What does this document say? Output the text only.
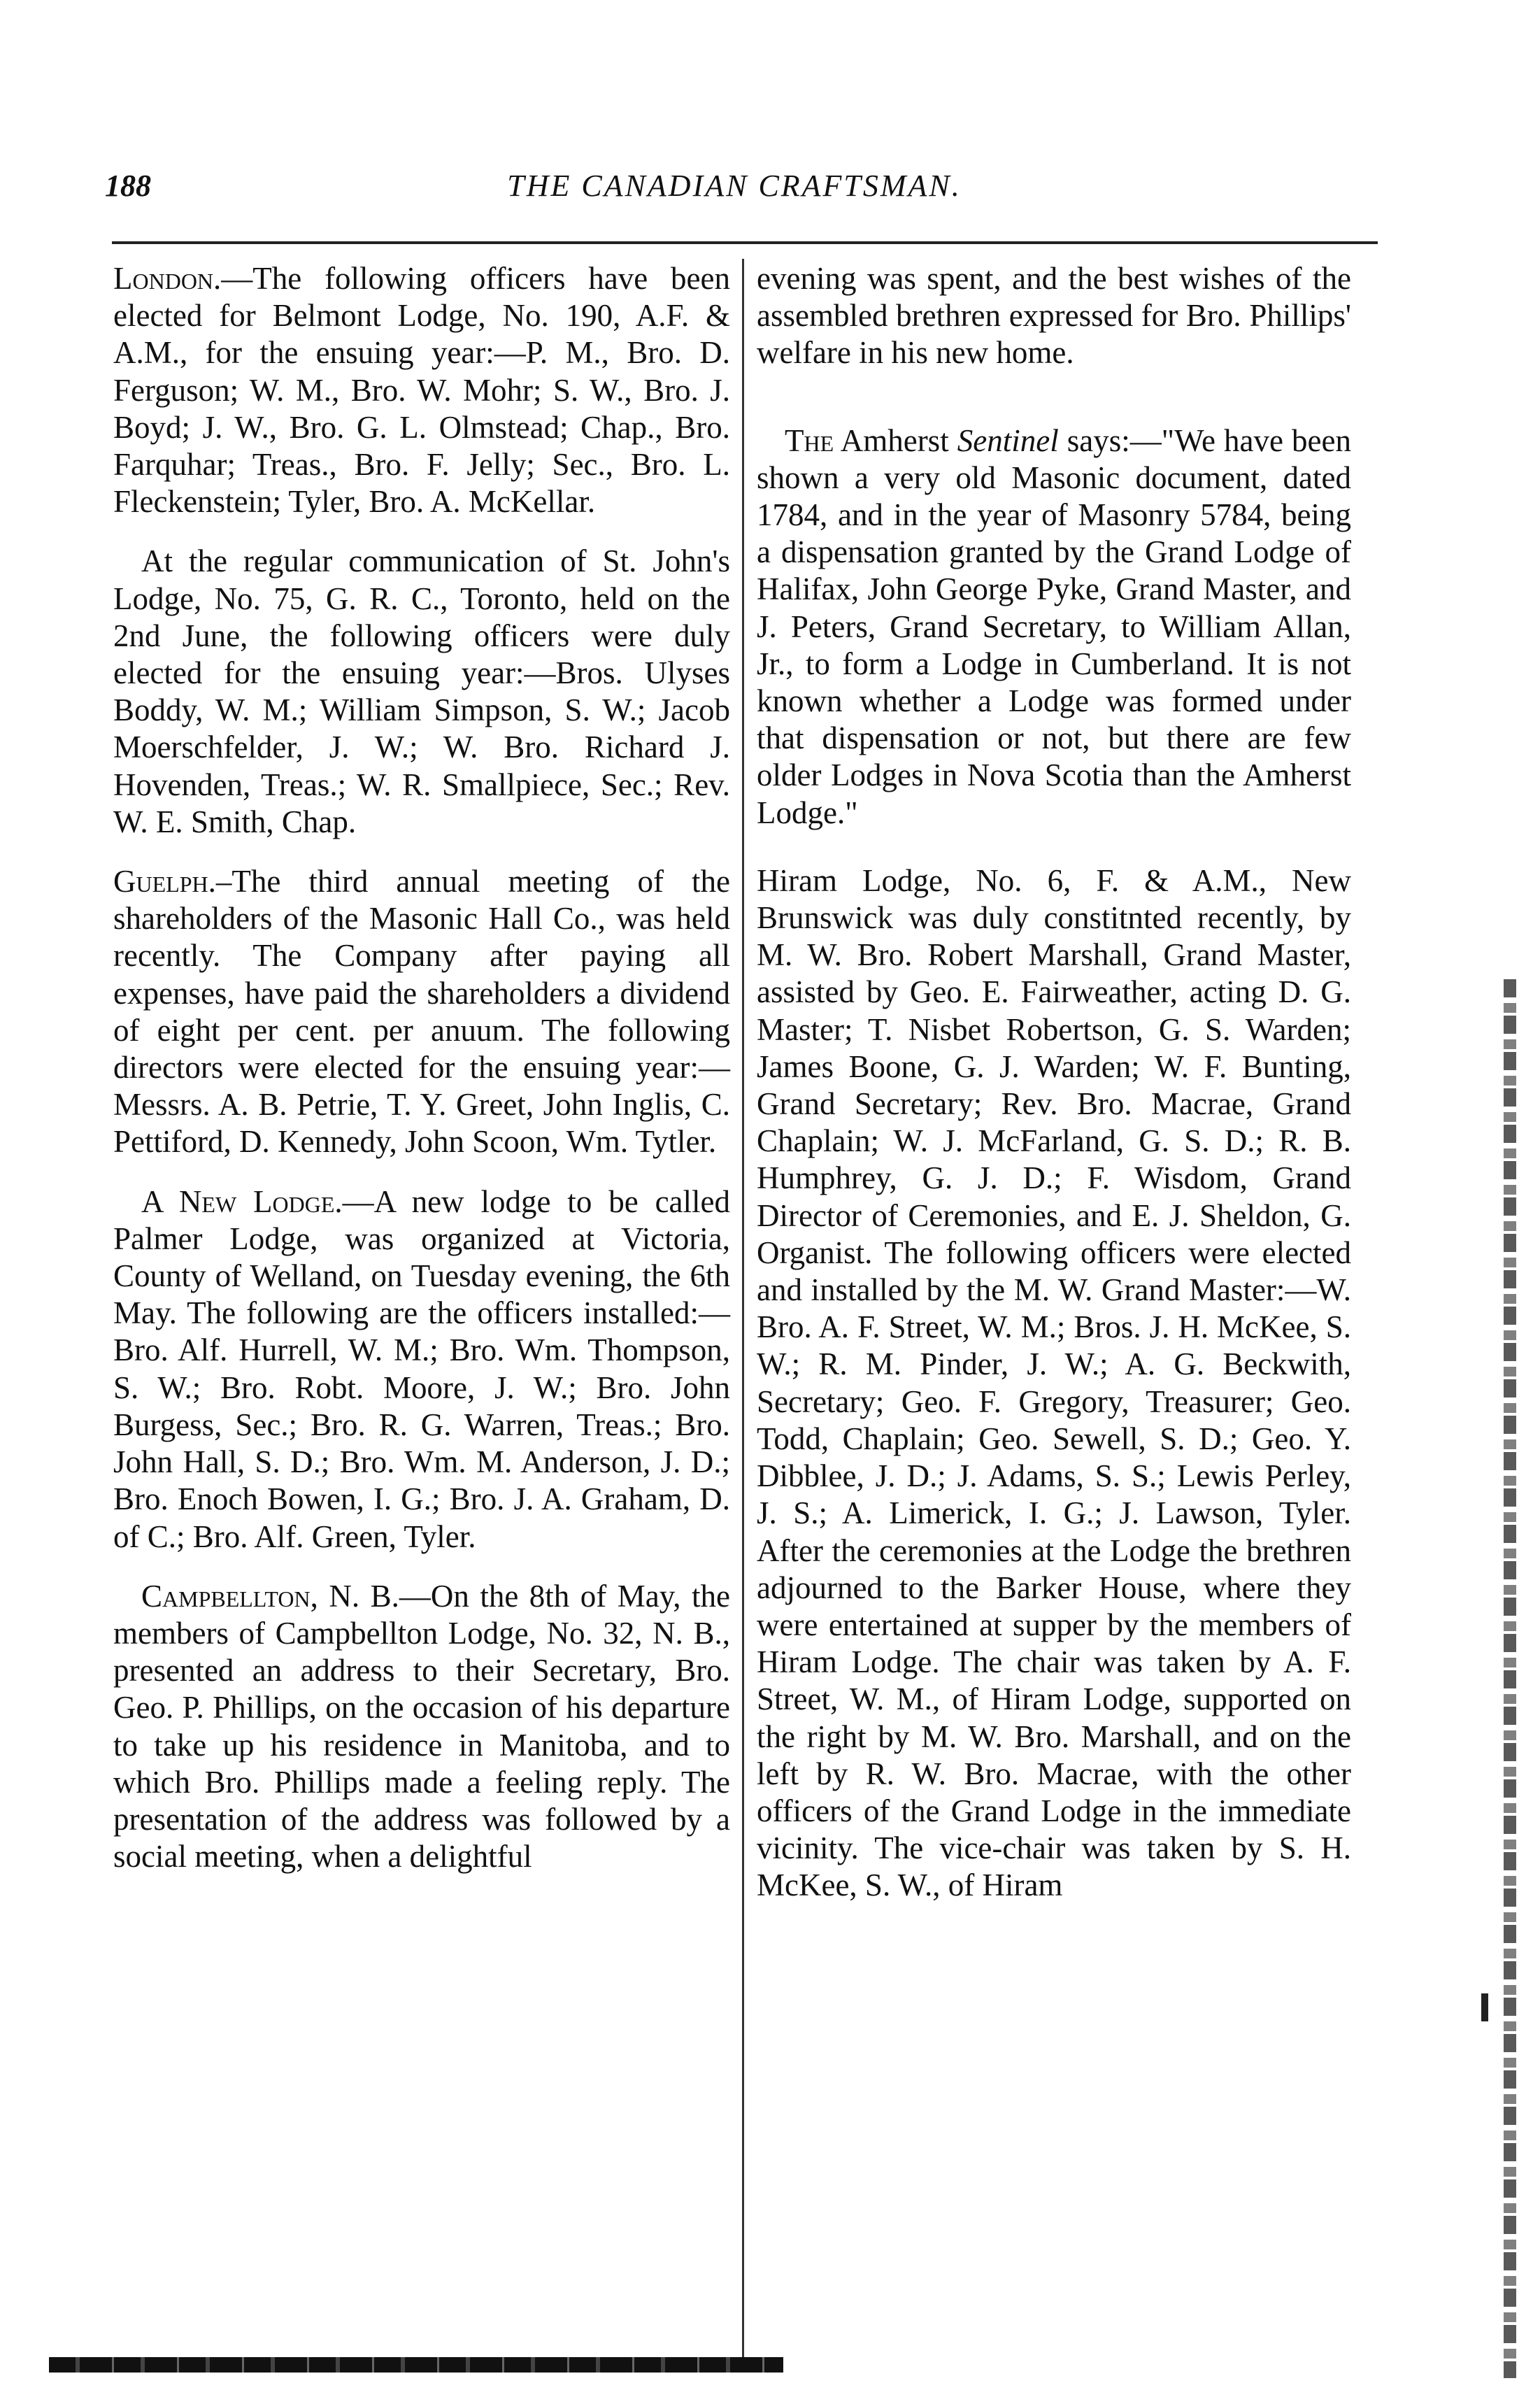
188	THE CANADIAN CRAFTSMAN.

London.—The following officers have been elected for Belmont Lodge, No. 190, A.F. & A.M., for the ensuing year:—P. M., Bro. D. Ferguson; W. M., Bro. W. Mohr; S. W., Bro. J. Boyd; J. W., Bro. G. L. Olmstead; Chap., Bro. Farquhar; Treas., Bro. F. Jelly; Sec., Bro. L. Fleckenstein; Tyler, Bro. A. McKellar.

At the regular communication of St. John's Lodge, No. 75, G. R. C., Toronto, held on the 2nd June, the following officers were duly elected for the ensuing year:—Bros. Ulyses Boddy, W. M.; William Simpson, S. W.; Jacob Moerschfelder, J. W.; W. Bro. Richard J. Hovenden, Treas.; W. R. Smallpiece, Sec.; Rev. W. E. Smith, Chap.

Guelph.–The third annual meeting of the shareholders of the Masonic Hall Co., was held recently. The Company after paying all expenses, have paid the shareholders a dividend of eight per cent. per anuum. The following directors were elected for the ensuing year:—Messrs. A. B. Petrie, T. Y. Greet, John Inglis, C. Pettiford, D. Kennedy, John Scoon, Wm. Tytler.

A New Lodge.—A new lodge to be called Palmer Lodge, was organized at Victoria, County of Welland, on Tuesday evening, the 6th May. The following are the officers installed:—Bro. Alf. Hurrell, W. M.; Bro. Wm. Thompson, S. W.; Bro. Robt. Moore, J. W.; Bro. John Burgess, Sec.; Bro. R. G. Warren, Treas.; Bro. John Hall, S. D.; Bro. Wm. M. Anderson, J. D.; Bro. Enoch Bowen, I. G.; Bro. J. A. Graham, D. of C.; Bro. Alf. Green, Tyler.

Campbellton, N. B.—On the 8th of May, the members of Campbellton Lodge, No. 32, N. B., presented an address to their Secretary, Bro. Geo. P. Phillips, on the occasion of his departure to take up his residence in Manitoba, and to which Bro. Phillips made a feeling reply. The presentation of the address was followed by a social meeting, when a delightful

evening was spent, and the best wishes of the assembled brethren expressed for Bro. Phillips' welfare in his new home.

The Amherst Sentinel says:—"We have been shown a very old Masonic document, dated 1784, and in the year of Masonry 5784, being a dispensation granted by the Grand Lodge of Halifax, John George Pyke, Grand Master, and J. Peters, Grand Secretary, to William Allan, Jr., to form a Lodge in Cumberland. It is not known whether a Lodge was formed under that dispensation or not, but there are few older Lodges in Nova Scotia than the Amherst Lodge."

Hiram Lodge, No. 6, F. & A.M., New Brunswick was duly constitnted recently, by M. W. Bro. Robert Marshall, Grand Master, assisted by Geo. E. Fairweather, acting D. G. Master; T. Nisbet Robertson, G. S. Warden; James Boone, G. J. Warden; W. F. Bunting, Grand Secretary; Rev. Bro. Macrae, Grand Chaplain; W. J. McFarland, G. S. D.; R. B. Humphrey, G. J. D.; F. Wisdom, Grand Director of Ceremonies, and E. J. Sheldon, G. Organist. The following officers were elected and installed by the M. W. Grand Master:—W. Bro. A. F. Street, W. M.; Bros. J. H. McKee, S. W.; R. M. Pinder, J. W.; A. G. Beckwith, Secretary; Geo. F. Gregory, Treasurer; Geo. Todd, Chaplain; Geo. Sewell, S. D.; Geo. Y. Dibblee, J. D.; J. Adams, S. S.; Lewis Perley, J. S.; A. Limerick, I. G.; J. Lawson, Tyler. After the ceremonies at the Lodge the brethren adjourned to the Barker House, where they were entertained at supper by the members of Hiram Lodge. The chair was taken by A. F. Street, W. M., of Hiram Lodge, supported on the right by M. W. Bro. Marshall, and on the left by R. W. Bro. Macrae, with the other officers of the Grand Lodge in the immediate vicinity. The vice-chair was taken by S. H. McKee, S. W., of Hiram
